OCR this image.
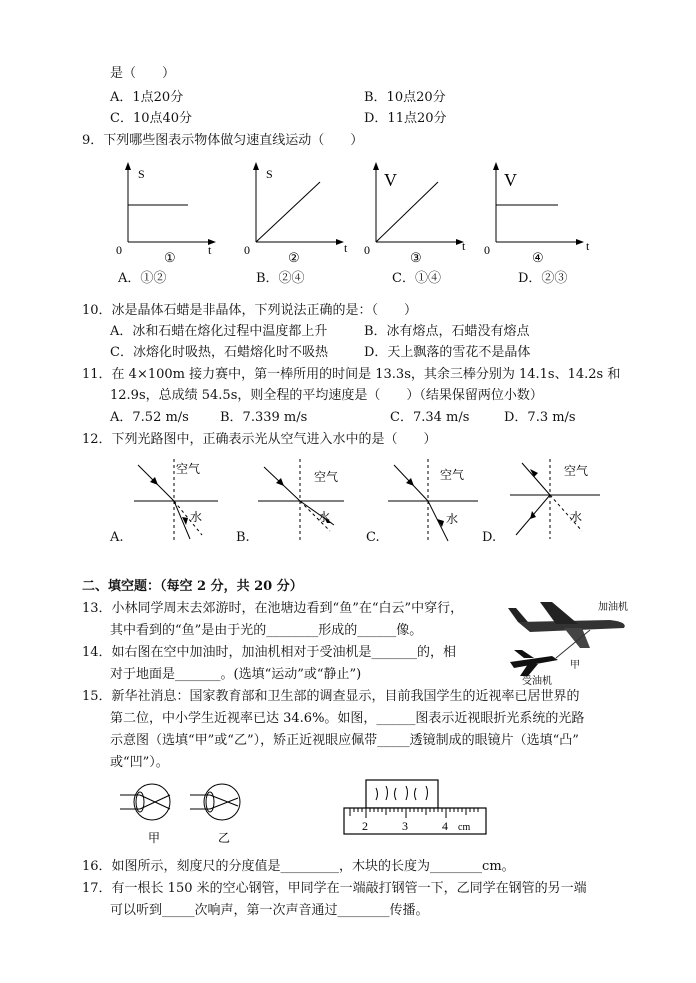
是（　　）
A．1点20分	B．10点20分
C．10点40分	D．11点20分
9．下列哪些图表示物体做匀速直线运动（　　）
S
0	t
①
S
0	t
②
V
0	t
③
V
0	t
④
A．①②	B．②④	C．①④	D．②③
10．冰是晶体石蜡是非晶体，下列说法正确的是：（　　）
A．冰和石蜡在熔化过程中温度都上升	B．冰有熔点，石蜡没有熔点
C．冰熔化时吸热，石蜡熔化时不吸热	D．天上飘落的雪花不是晶体
11．在 4×100m 接力赛中，第一棒所用的时间是 13.3s，其余三棒分别为 14.1s、14.2s 和
12.9s，总成绩 54.5s，则全程的平均速度是（　　）（结果保留两位小数）
A．7.52 m/s B．7.339 m/s	C．7.34 m/s	D．7.3 m/s
12．下列光路图中，正确表示光从空气进入水中的是（　　）
空气
水
A.
空气
水
B.
空气
水
C.
空气
水
D.
二、填空题：（每空 2 分，共 20 分）
13．小林同学周末去郊游时，在池塘边看到“鱼”在“白云”中穿行，
其中看到的“鱼”是由于光的________形成的______像。
加油机
甲
受油机
14．如右图在空中加油时，加油机相对于受油机是_______的，相
对于地面是_______。(选填“运动”或“静止”)
15．新华社消息：国家教育部和卫生部的调查显示，目前我国学生的近视率已居世界的
第二位，中小学生近视率已达 34.6%。如图，______图表示近视眼折光系统的光路
示意图（选填“甲”或“乙”），矫正近视眼应佩带_____透镜制成的眼镜片（选填“凸”
或“凹”）。
甲	乙
2	3	4 cm
16．如图所示，刻度尺的分度值是_________，木块的长度为________cm。
17．有一根长 150 米的空心钢管，甲同学在一端敲打钢管一下，乙同学在钢管的另一端
可以听到_____次响声，第一次声音通过________传播。
